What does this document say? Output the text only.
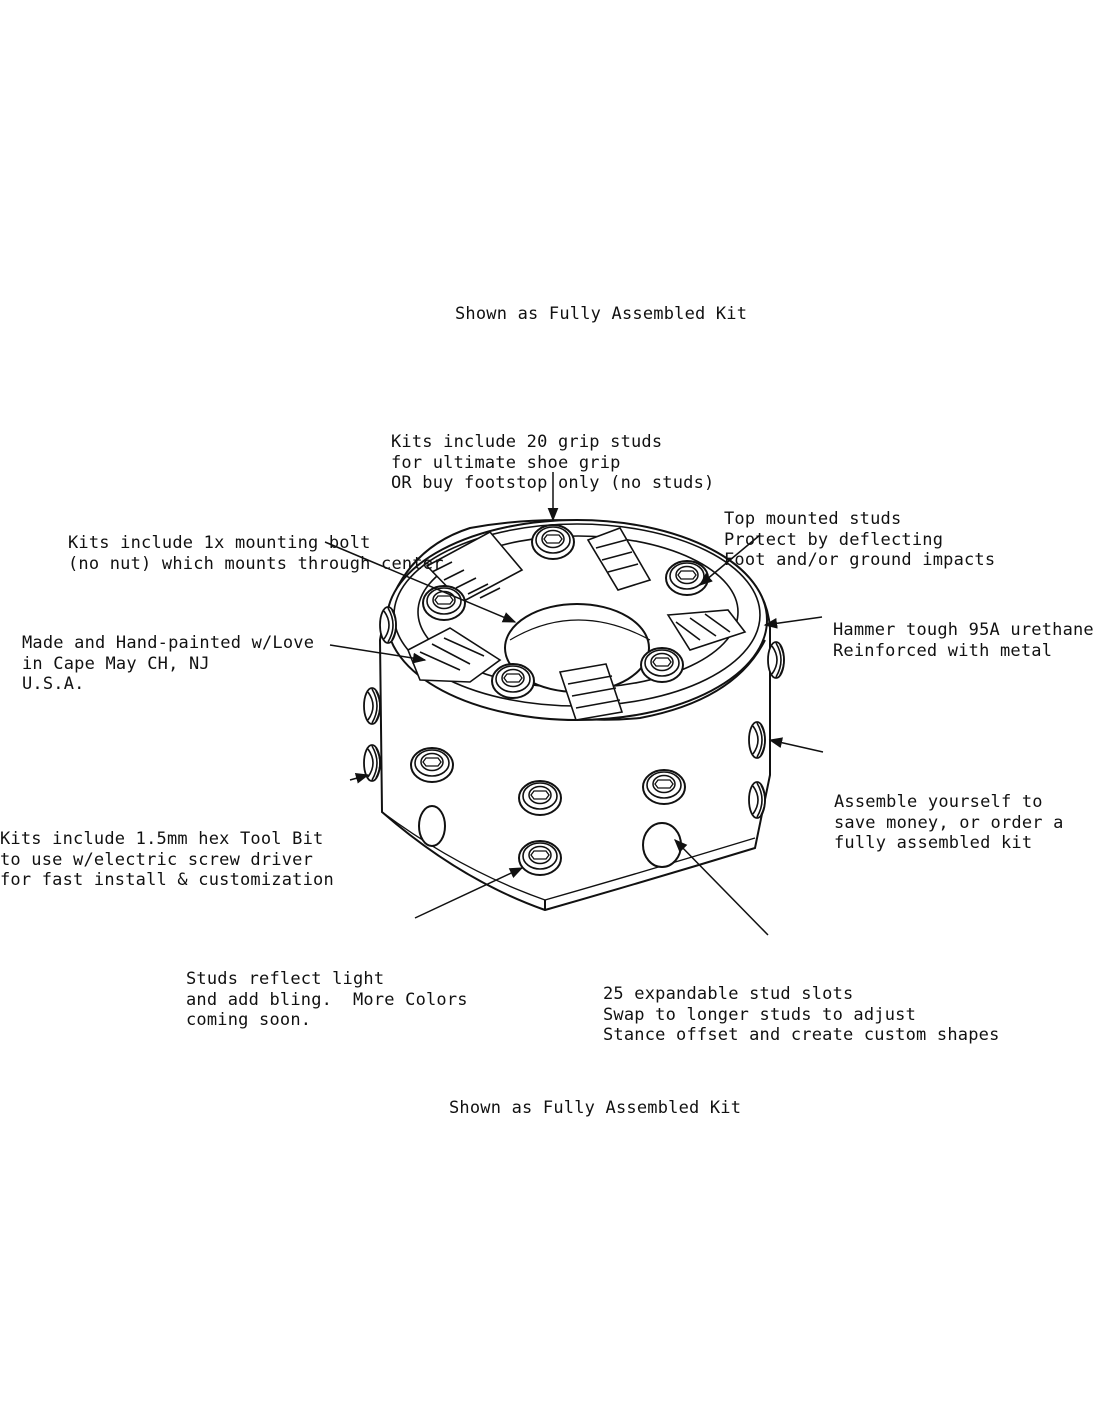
Shown as Fully Assembled Kit

Kits include 20 grip studs
for ultimate shoe grip
OR buy footstop only (no studs)

Top mounted studs
Protect by deflecting
Foot and/or ground impacts

Kits include 1x mounting bolt
(no nut) which mounts through center

Hammer tough 95A urethane
Reinforced with metal

Made and Hand-painted w/Love
in Cape May CH, NJ
U.S.A.

Assemble yourself to
save money, or order a
fully assembled kit

Kits include 1.5mm hex Tool Bit
to use w/electric screw driver
for fast install & customization

Studs reflect light
and add bling.  More Colors
coming soon.

25 expandable stud slots
Swap to longer studs to adjust
Stance offset and create custom shapes

Shown as Fully Assembled Kit
